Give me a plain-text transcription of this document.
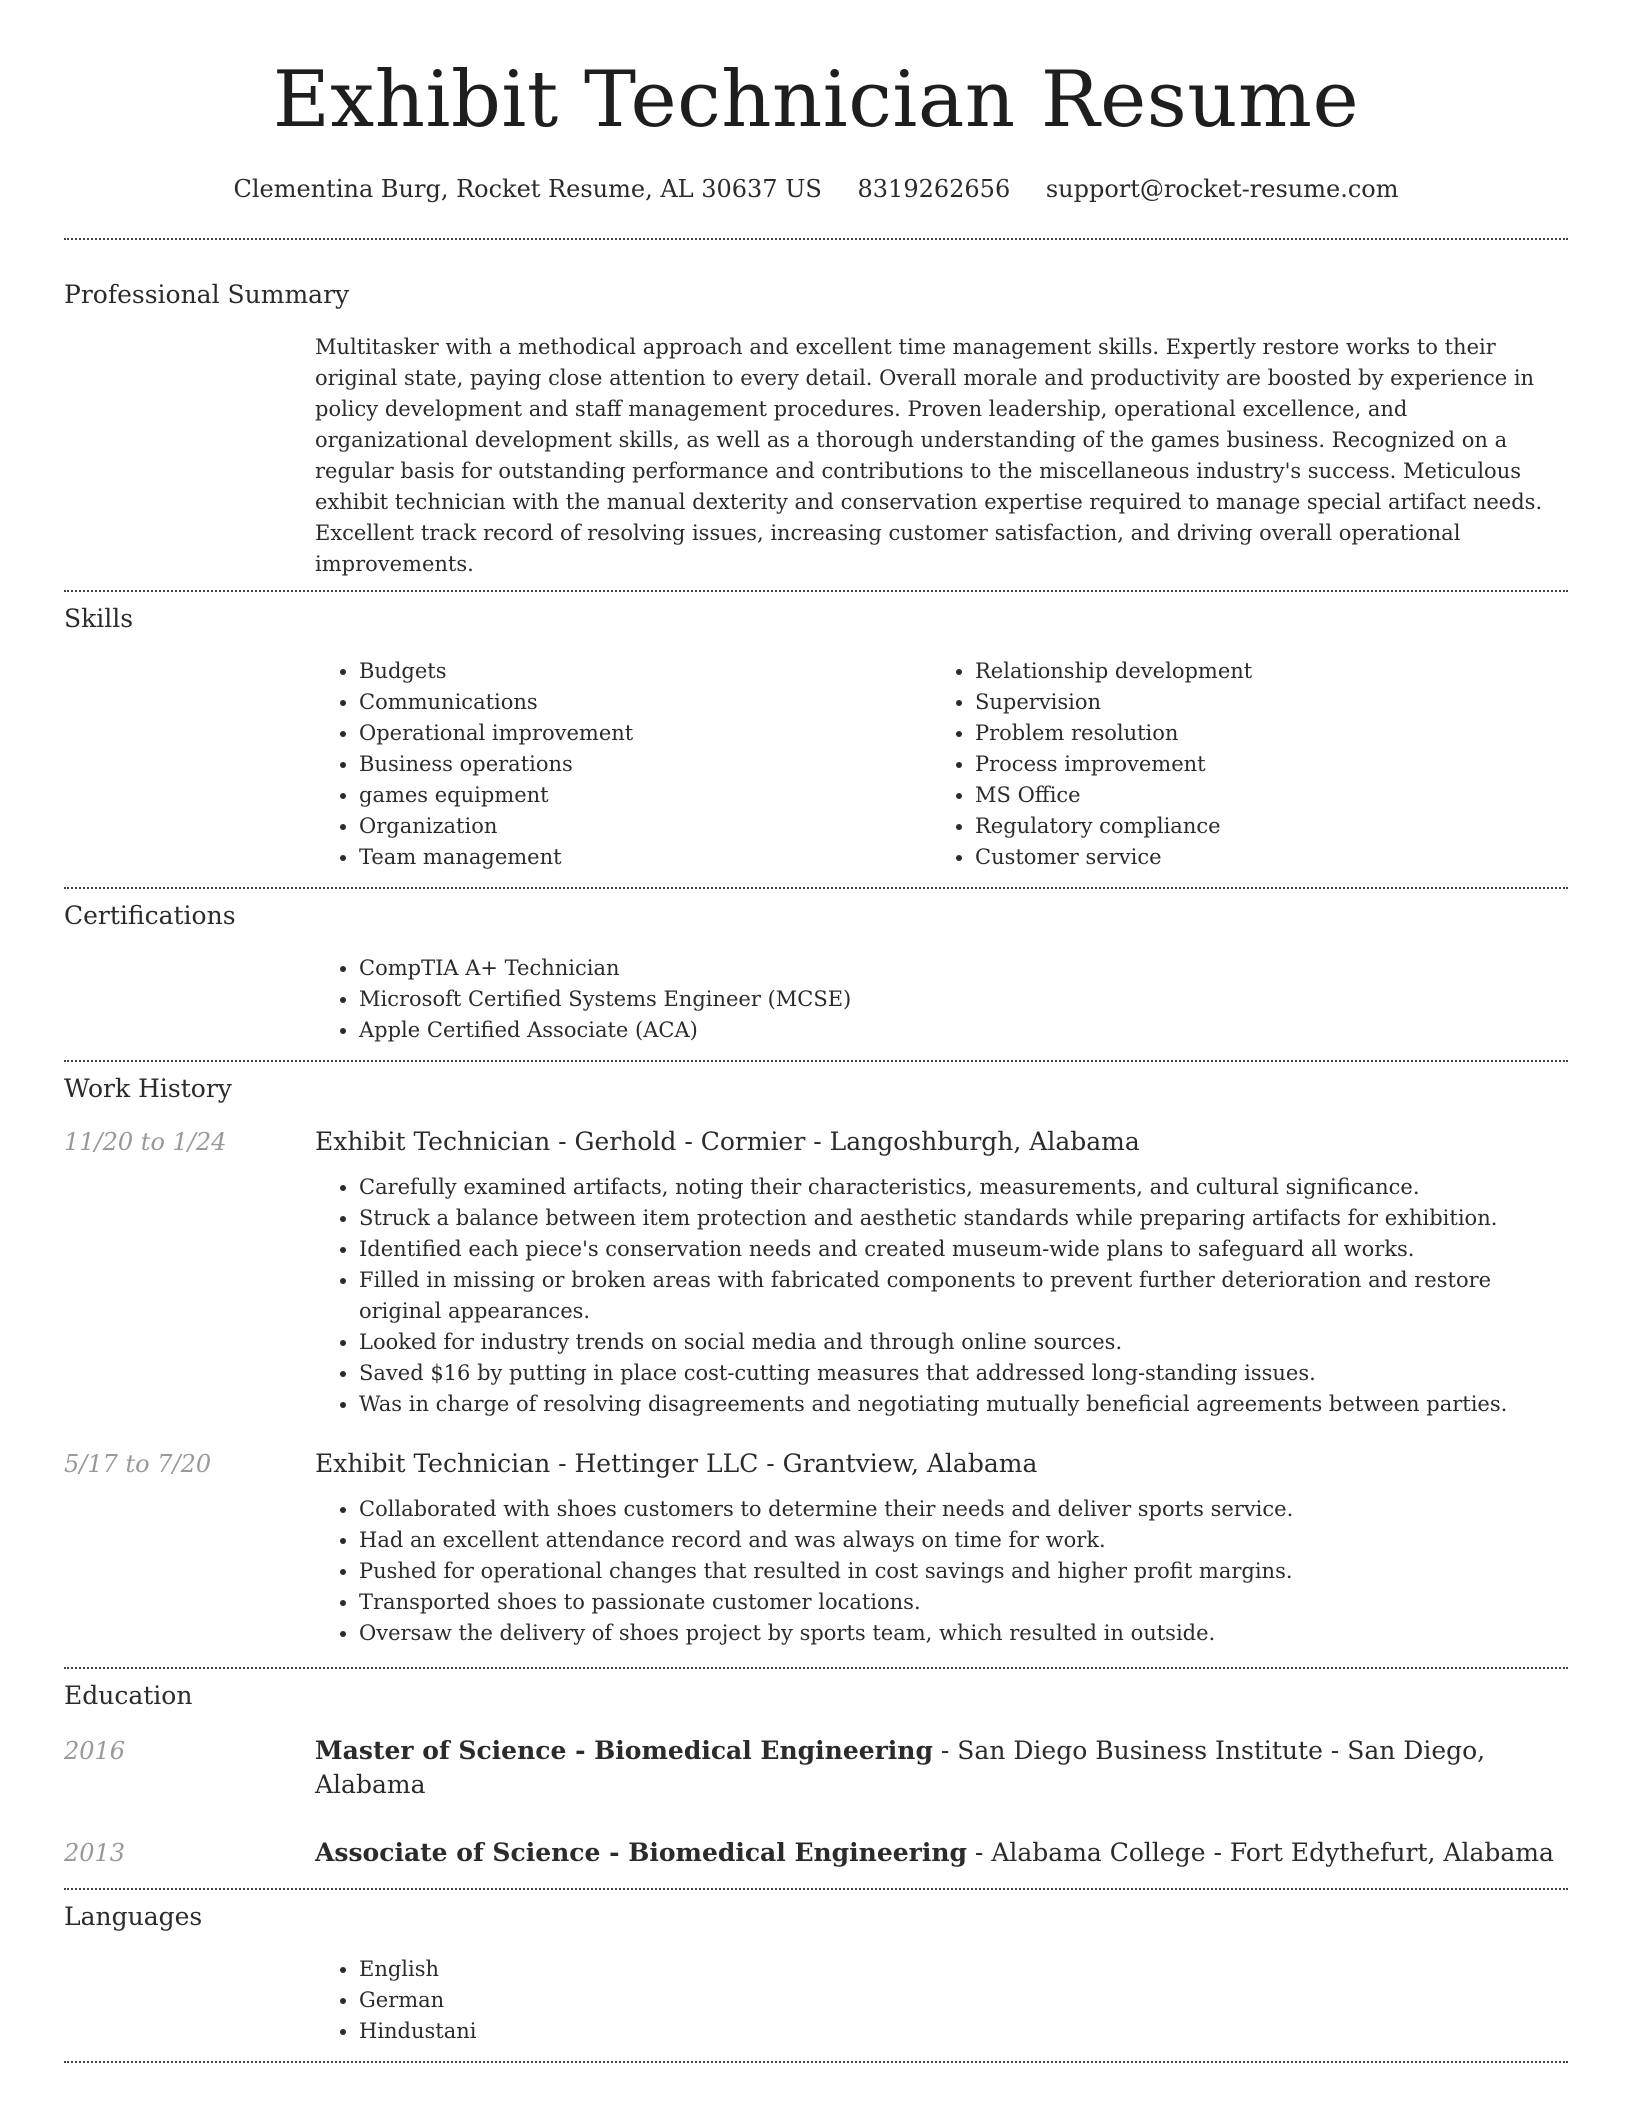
Exhibit Technician Resume
Clementina Burg, Rocket Resume, AL 30637 US 8319262656 support@rocket-resume.com
Professional Summary
Multitasker with a methodical approach and excellent time management skills. Expertly restore works to their original state, paying close attention to every detail. Overall morale and productivity are boosted by experience in policy development and staff management procedures. Proven leadership, operational excellence, and organizational development skills, as well as a thorough understanding of the games business. Recognized on a regular basis for outstanding performance and contributions to the miscellaneous industry's success. Meticulous exhibit technician with the manual dexterity and conservation expertise required to manage special artifact needs. Excellent track record of resolving issues, increasing customer satisfaction, and driving overall operational improvements.
Skills
• Budgets
• Communications
• Operational improvement
• Business operations
• games equipment
• Organization
• Team management
• Relationship development
• Supervision
• Problem resolution
• Process improvement
• MS Office
• Regulatory compliance
• Customer service
Certifications
• CompTIA A+ Technician
• Microsoft Certified Systems Engineer (MCSE)
• Apple Certified Associate (ACA)
Work History
11/20 to 1/24	Exhibit Technician - Gerhold - Cormier - Langoshburgh, Alabama
• Carefully examined artifacts, noting their characteristics, measurements, and cultural significance.
• Struck a balance between item protection and aesthetic standards while preparing artifacts for exhibition.
• Identified each piece's conservation needs and created museum-wide plans to safeguard all works.
• Filled in missing or broken areas with fabricated components to prevent further deterioration and restore original appearances.
• Looked for industry trends on social media and through online sources.
• Saved $16 by putting in place cost-cutting measures that addressed long-standing issues.
• Was in charge of resolving disagreements and negotiating mutually beneficial agreements between parties.
5/17 to 7/20	Exhibit Technician - Hettinger LLC - Grantview, Alabama
• Collaborated with shoes customers to determine their needs and deliver sports service.
• Had an excellent attendance record and was always on time for work.
• Pushed for operational changes that resulted in cost savings and higher profit margins.
• Transported shoes to passionate customer locations.
• Oversaw the delivery of shoes project by sports team, which resulted in outside.
Education
2016	Master of Science - Biomedical Engineering - San Diego Business Institute - San Diego, Alabama
2013	Associate of Science - Biomedical Engineering - Alabama College - Fort Edythefurt, Alabama
Languages
• English
• German
• Hindustani
